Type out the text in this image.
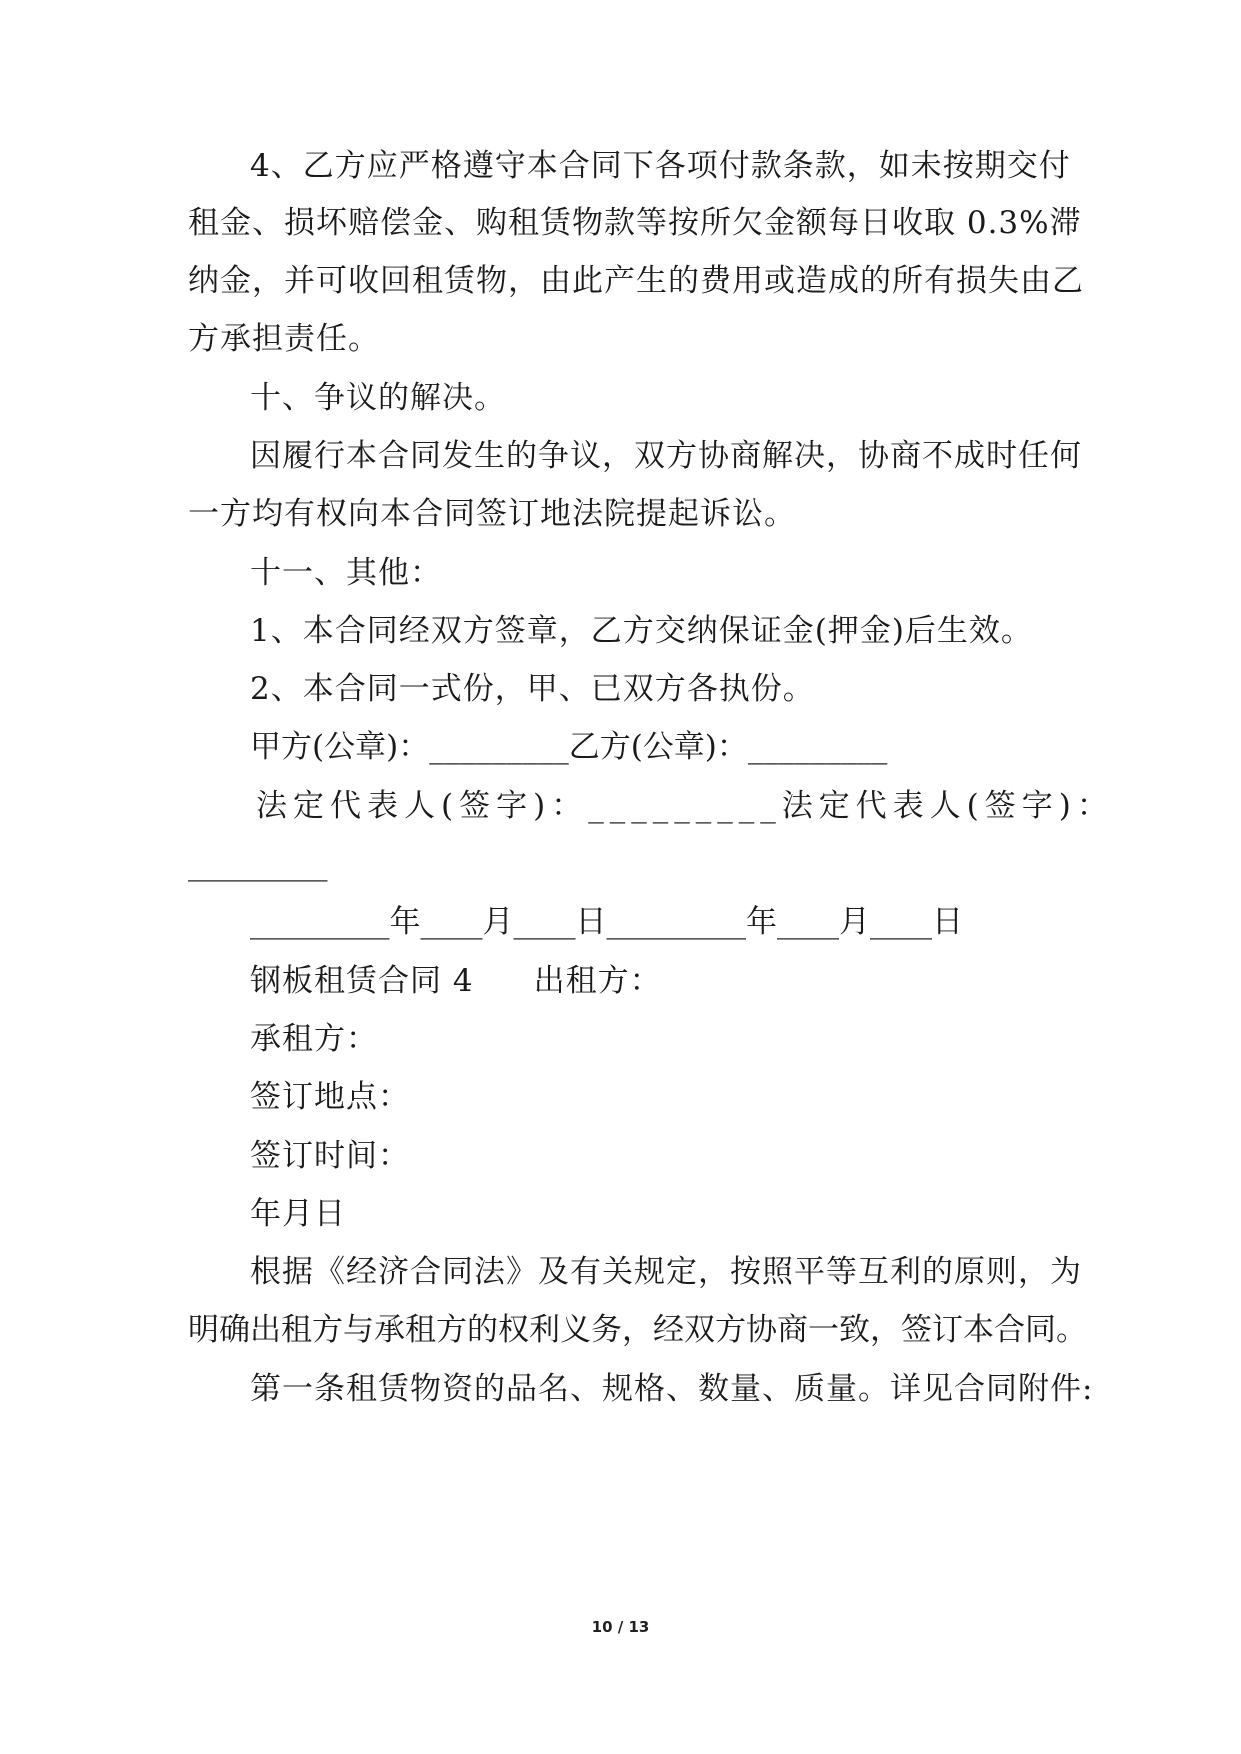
4、乙方应严格遵守本合同下各项付款条款，如未按期交付
租金、损坏赔偿金、购租赁物款等按所欠金额每日收取 0.3%滞
纳金，并可收回租赁物，由此产生的费用或造成的所有损失由乙
方承担责任。
十、争议的解决。
因履行本合同发生的争议，双方协商解决，协商不成时任何
一方均有权向本合同签订地法院提起诉讼。
十一、其他：
1、本合同经双方签章，乙方交纳保证金(押金)后生效。
2、本合同一式份，甲、已双方各执份。
甲方(公章)：_________乙方(公章)：_________
法定代表人(签字)：_________法定代表人(签字)：
_________
_________年____月____日_________年____月____日
钢板租赁合同 4 出租方：
承租方：
签订地点：
签订时间：
年月日
根据《经济合同法》及有关规定，按照平等互利的原则，为
明确出租方与承租方的权利义务，经双方协商一致，签订本合同。
第一条租赁物资的品名、规格、数量、质量。详见合同附件:
10 / 13
